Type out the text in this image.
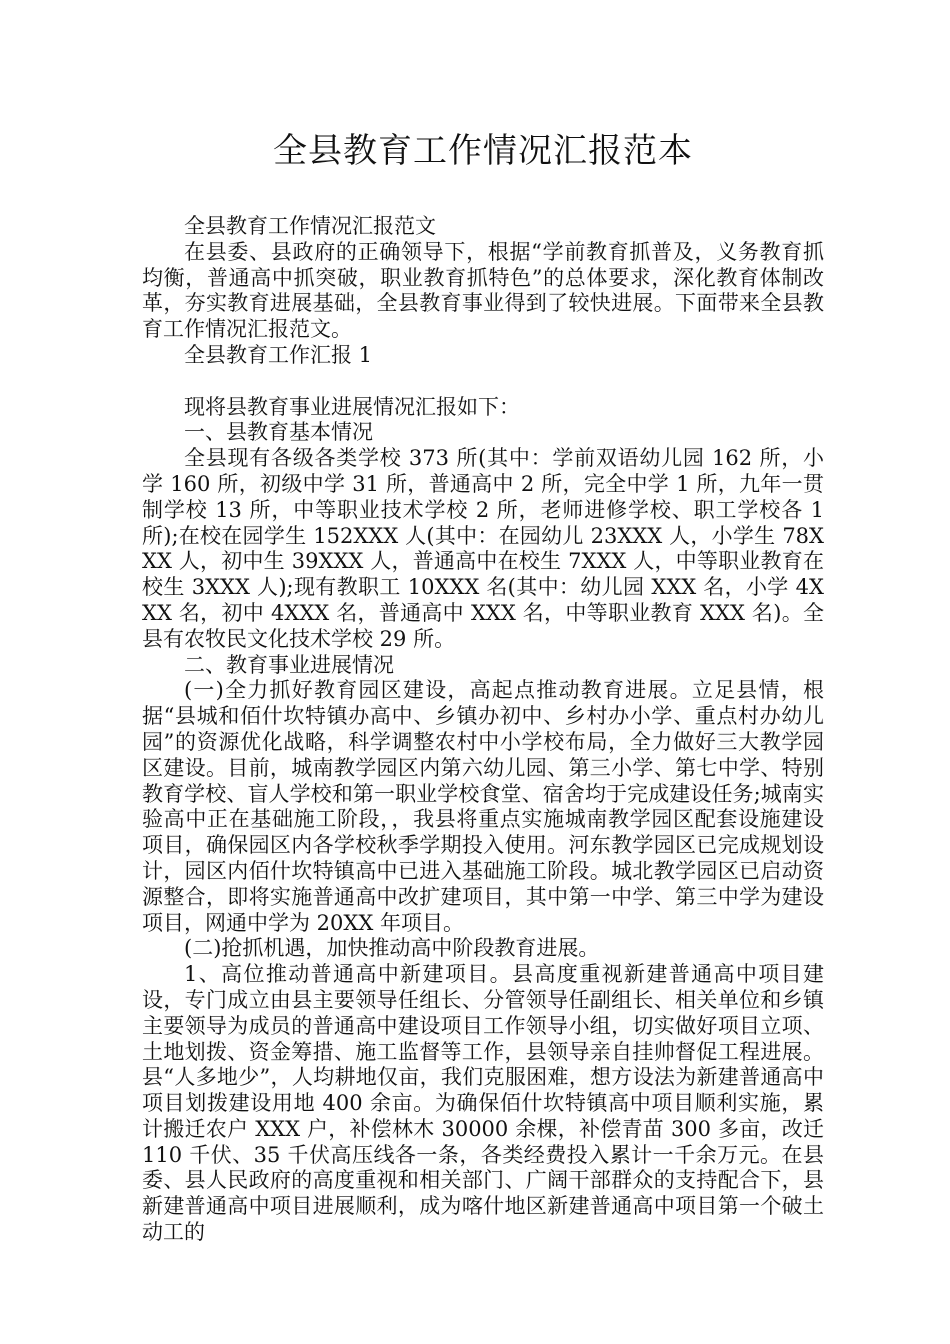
全县教育工作情况汇报范本

全县教育工作情况汇报范文

在县委、县政府的正确领导下，根据“学前教育抓普及，义务教育抓均衡，普通高中抓突破，职业教育抓特色”的总体要求，深化教育体制改革，夯实教育进展基础，全县教育事业得到了较快进展。下面带来全县教育工作情况汇报范文。

全县教育工作汇报 1

现将县教育事业进展情况汇报如下：

一、县教育基本情况

全县现有各级各类学校 373 所(其中：学前双语幼儿园 162 所，小学 160 所，初级中学 31 所，普通高中 2 所，完全中学 1 所，九年一贯制学校 13 所，中等职业技术学校 2 所，老师进修学校、职工学校各 1 所);在校在园学生 152XXX 人(其中：在园幼儿 23XXX 人，小学生 78XXX 人，初中生 39XXX 人，普通高中在校生 7XXX 人，中等职业教育在校生 3XXX 人);现有教职工 10XXX 名(其中：幼儿园 XXX 名，小学 4XXX 名，初中 4XXX 名，普通高中 XXX 名，中等职业教育 XXX 名)。全县有农牧民文化技术学校 29 所。

二、教育事业进展情况

(一)全力抓好教育园区建设，高起点推动教育进展。立足县情，根据“县城和佰什坎特镇办高中、乡镇办初中、乡村办小学、重点村办幼儿园”的资源优化战略，科学调整农村中小学校布局，全力做好三大教学园区建设。目前，城南教学园区内第六幼儿园、第三小学、第七中学、特别教育学校、盲人学校和第一职业学校食堂、宿舍均于完成建设任务;城南实验高中正在基础施工阶段，，我县将重点实施城南教学园区配套设施建设项目，确保园区内各学校秋季学期投入使用。河东教学园区已完成规划设计，园区内佰什坎特镇高中已进入基础施工阶段。城北教学园区已启动资源整合，即将实施普通高中改扩建项目，其中第一中学、第三中学为建设项目，网通中学为 20XX 年项目。

(二)抢抓机遇，加快推动高中阶段教育进展。

1、高位推动普通高中新建项目。县高度重视新建普通高中项目建设，专门成立由县主要领导任组长、分管领导任副组长、相关单位和乡镇主要领导为成员的普通高中建设项目工作领导小组，切实做好项目立项、土地划拨、资金筹措、施工监督等工作，县领导亲自挂帅督促工程进展。县“人多地少”，人均耕地仅亩，我们克服困难，想方设法为新建普通高中项目划拨建设用地 400 余亩。为确保佰什坎特镇高中项目顺利实施，累计搬迁农户 XXX 户，补偿林木 30000 余棵，补偿青苗 300 多亩，改迁 110 千伏、35 千伏高压线各一条，各类经费投入累计一千余万元。在县委、县人民政府的高度重视和相关部门、广阔干部群众的支持配合下，县新建普通高中项目进展顺利，成为喀什地区新建普通高中项目第一个破土动工的
